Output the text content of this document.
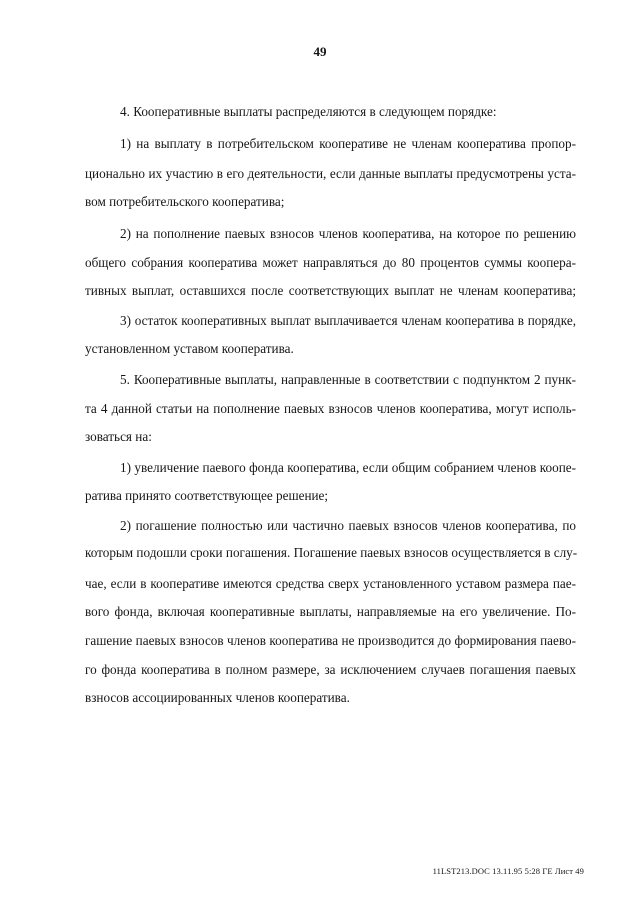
49
4. Кооперативные выплаты распределяются в следующем порядке:
1) на выплату в потребительском кооперативе не членам кооператива пропор-
ционально их участию в его деятельности, если данные выплаты предусмотрены уста-
вом потребительского кооператива;
2) на пополнение паевых взносов членов кооператива, на которое по решению
общего собрания кооператива может направляться до 80 процентов суммы коопера-
тивных выплат, оставшихся после соответствующих выплат не членам кооператива;
3) остаток кооперативных выплат выплачивается членам кооператива в порядке,
установленном уставом кооператива.
5. Кооперативные выплаты, направленные в соответствии с подпунктом 2 пунк-
та 4 данной статьи на пополнение паевых взносов членов кооператива, могут исполь-
зоваться на:
1) увеличение паевого фонда кооператива, если общим собранием членов коопе-
ратива принято соответствующее решение;
2) погашение полностью или частично паевых взносов членов кооператива, по
которым подошли сроки погашения. Погашение паевых взносов осуществляется в слу-
чае, если в кооперативе имеются средства сверх установленного уставом размера пае-
вого фонда, включая кооперативные выплаты, направляемые на его увеличение. По-
гашение паевых взносов членов кооператива не производится до формирования паево-
го фонда кооператива в полном размере, за исключением случаев погашения паевых
взносов ассоциированных членов кооператива.
11LST213.DOC 13.11.95 5:28 ГЕ Лист 49
